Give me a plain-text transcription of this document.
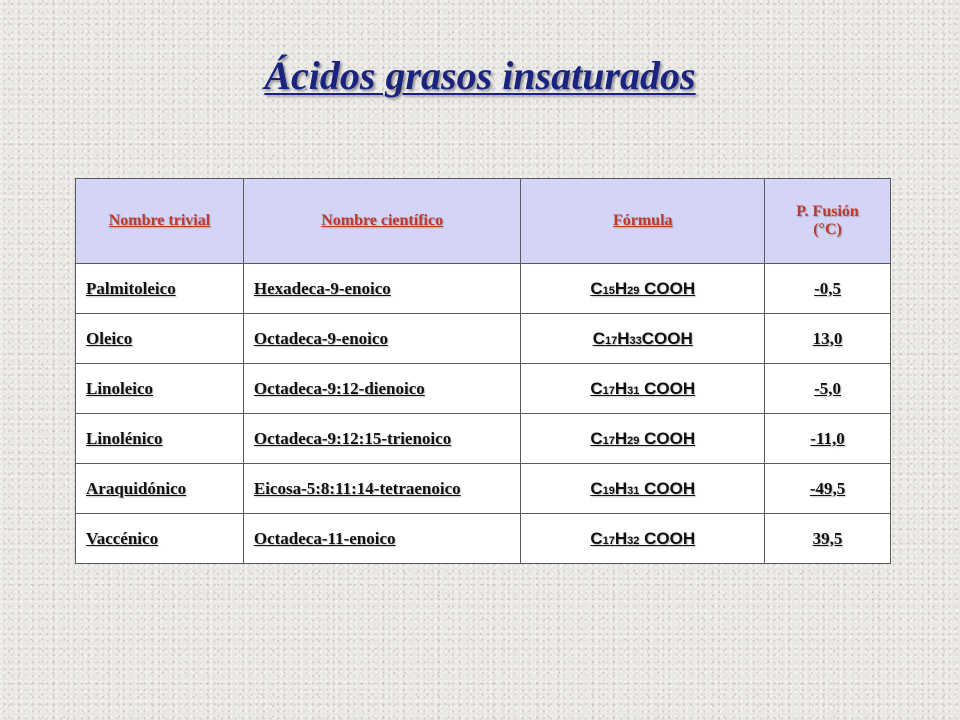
Ácidos grasos insaturados
Nombre trivial	Nombre científico	Fórmula	P. Fusión (°C)
Palmitoleico	Hexadeca-9-enoico	C15H29 COOH	-0,5
Oleico	Octadeca-9-enoico	C17H33COOH	13,0
Linoleico	Octadeca-9:12-dienoico	C17H31 COOH	-5,0
Linolénico	Octadeca-9:12:15-trienoico	C17H29 COOH	-11,0
Araquidónico	Eicosa-5:8:11:14-tetraenoico	C19H31 COOH	-49,5
Vaccénico	Octadeca-11-enoico	C17H32 COOH	39,5
